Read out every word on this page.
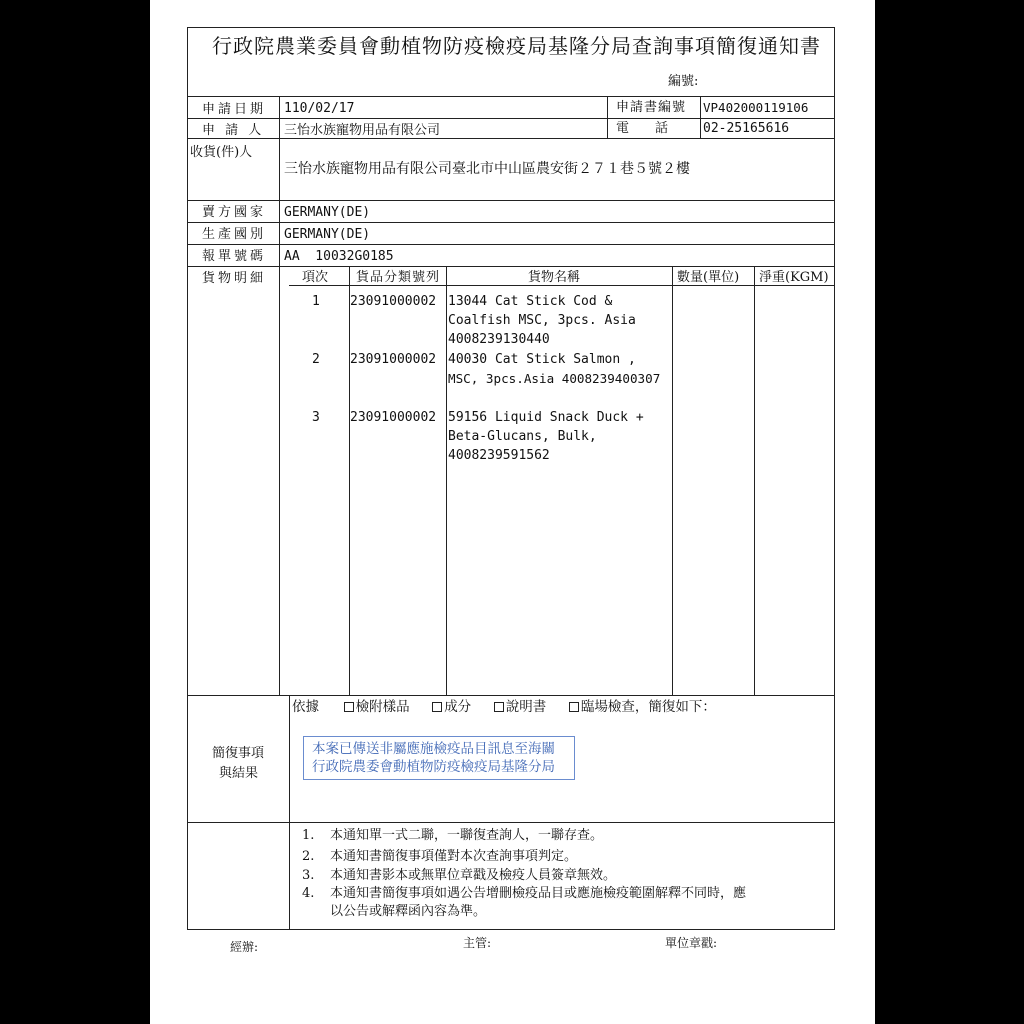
行政院農業委員會動植物防疫檢疫局基隆分局查詢事項簡復通知書
編號:
申請日期 110/02/17	申請書編號 VP402000119106
申 請 人 三怡水族寵物用品有限公司	電　　話	02-25165616
收貨(件)人
三怡水族寵物用品有限公司臺北市中山區農安街２７１巷５號２樓
賣方國家 GERMANY(DE)
生產國別 GERMANY(DE)
報單號碼 AA  10032G0185
貨物明細	項次 貨品分類號列	貨物名稱	數量(單位) 淨重(KGM)
1 23091000002 13044 Cat Stick Cod &
Coalfish MSC, 3pcs. Asia
4008239130440
2 23091000002 40030 Cat Stick Salmon ,
MSC, 3pcs.Asia 4008239400307
3 23091000002 59156 Liquid Snack Duck +
Beta-Glucans, Bulk,
4008239591562
簡復事項
與結果
依據	檢附樣品	成分	說明書	臨場檢查，簡復如下：
本案已傳送非屬應施檢疫品目訊息至海關
行政院農委會動植物防疫檢疫局基隆分局
1. 本通知單一式二聯，一聯復查詢人，一聯存查。
2. 本通知書簡復事項僅對本次查詢事項判定。
3. 本通知書影本或無單位章戳及檢疫人員簽章無效。
4. 本通知書簡復事項如遇公告增刪檢疫品目或應施檢疫範圍解釋不同時，應
以公告或解釋函內容為準。
經辦:	主管:	單位章戳:
